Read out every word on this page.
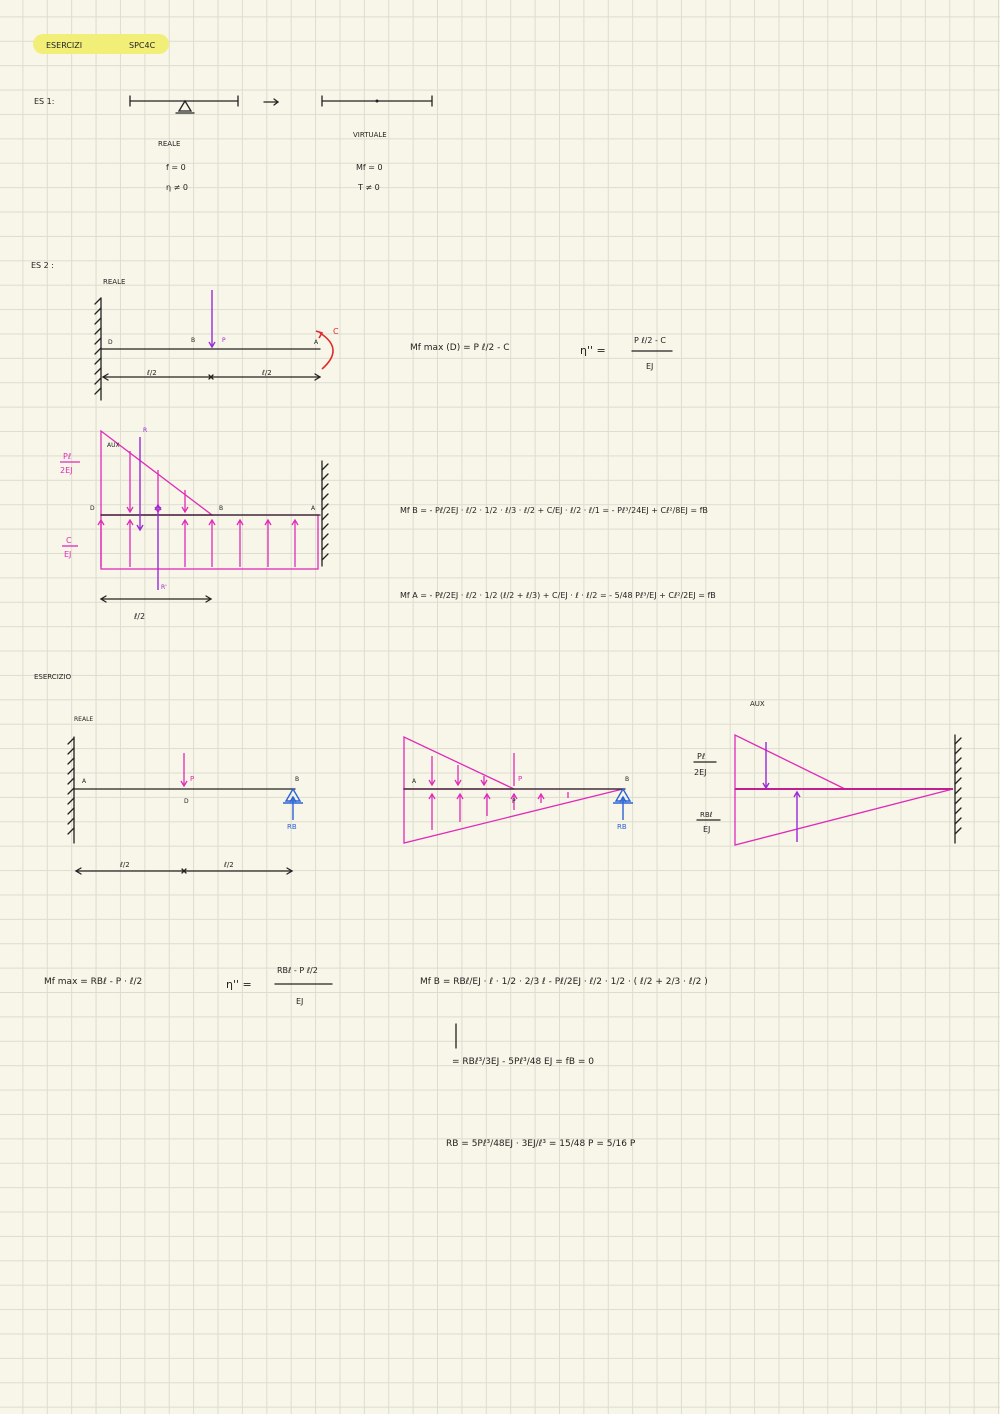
ESERCIZI	SPC4C
ES 1:
REALE
f = 0
η ≠ 0
VIRTUALE
Mf = 0
T ≠ 0
ES 2 :
REALE
D	B	P	A
C
ℓ/2	ℓ/2
Mf max (D) = P ℓ/2 - C	η'' =
P ℓ/2 - C
EJ
AUX
R
R'
Pℓ
2EJ
C
EJ
D	B	A
ℓ/2
Mf B = - Pℓ/2EJ · ℓ/2 · 1/2 · ℓ/3 · ℓ/2 + C/EJ · ℓ/2 · ℓ/1 = - Pℓ³/24EJ + Cℓ²/8EJ = fB
Mf A = - Pℓ/2EJ · ℓ/2 · 1/2 (ℓ/2 + ℓ/3) + C/EJ · ℓ · ℓ/2 = - 5/48 Pℓ³/EJ + Cℓ²/2EJ = fB
ESERCIZIO
REALE
A
D
P	B
RB
ℓ/2	ℓ/2
A
P
P	B
RB
AUX
Pℓ
2EJ
RBℓ
EJ
Mf max = RBℓ - P · ℓ/2	η'' =
RBℓ - P ℓ/2
EJ
Mf B = RBℓ/EJ · ℓ · 1/2 · 2/3 ℓ - Pℓ/2EJ · ℓ/2 · 1/2 · ( ℓ/2 + 2/3 · ℓ/2 )
= RBℓ³/3EJ - 5Pℓ³/48 EJ = fB = 0
RB = 5Pℓ³/48EJ · 3EJ/ℓ³ = 15/48 P = 5/16 P
